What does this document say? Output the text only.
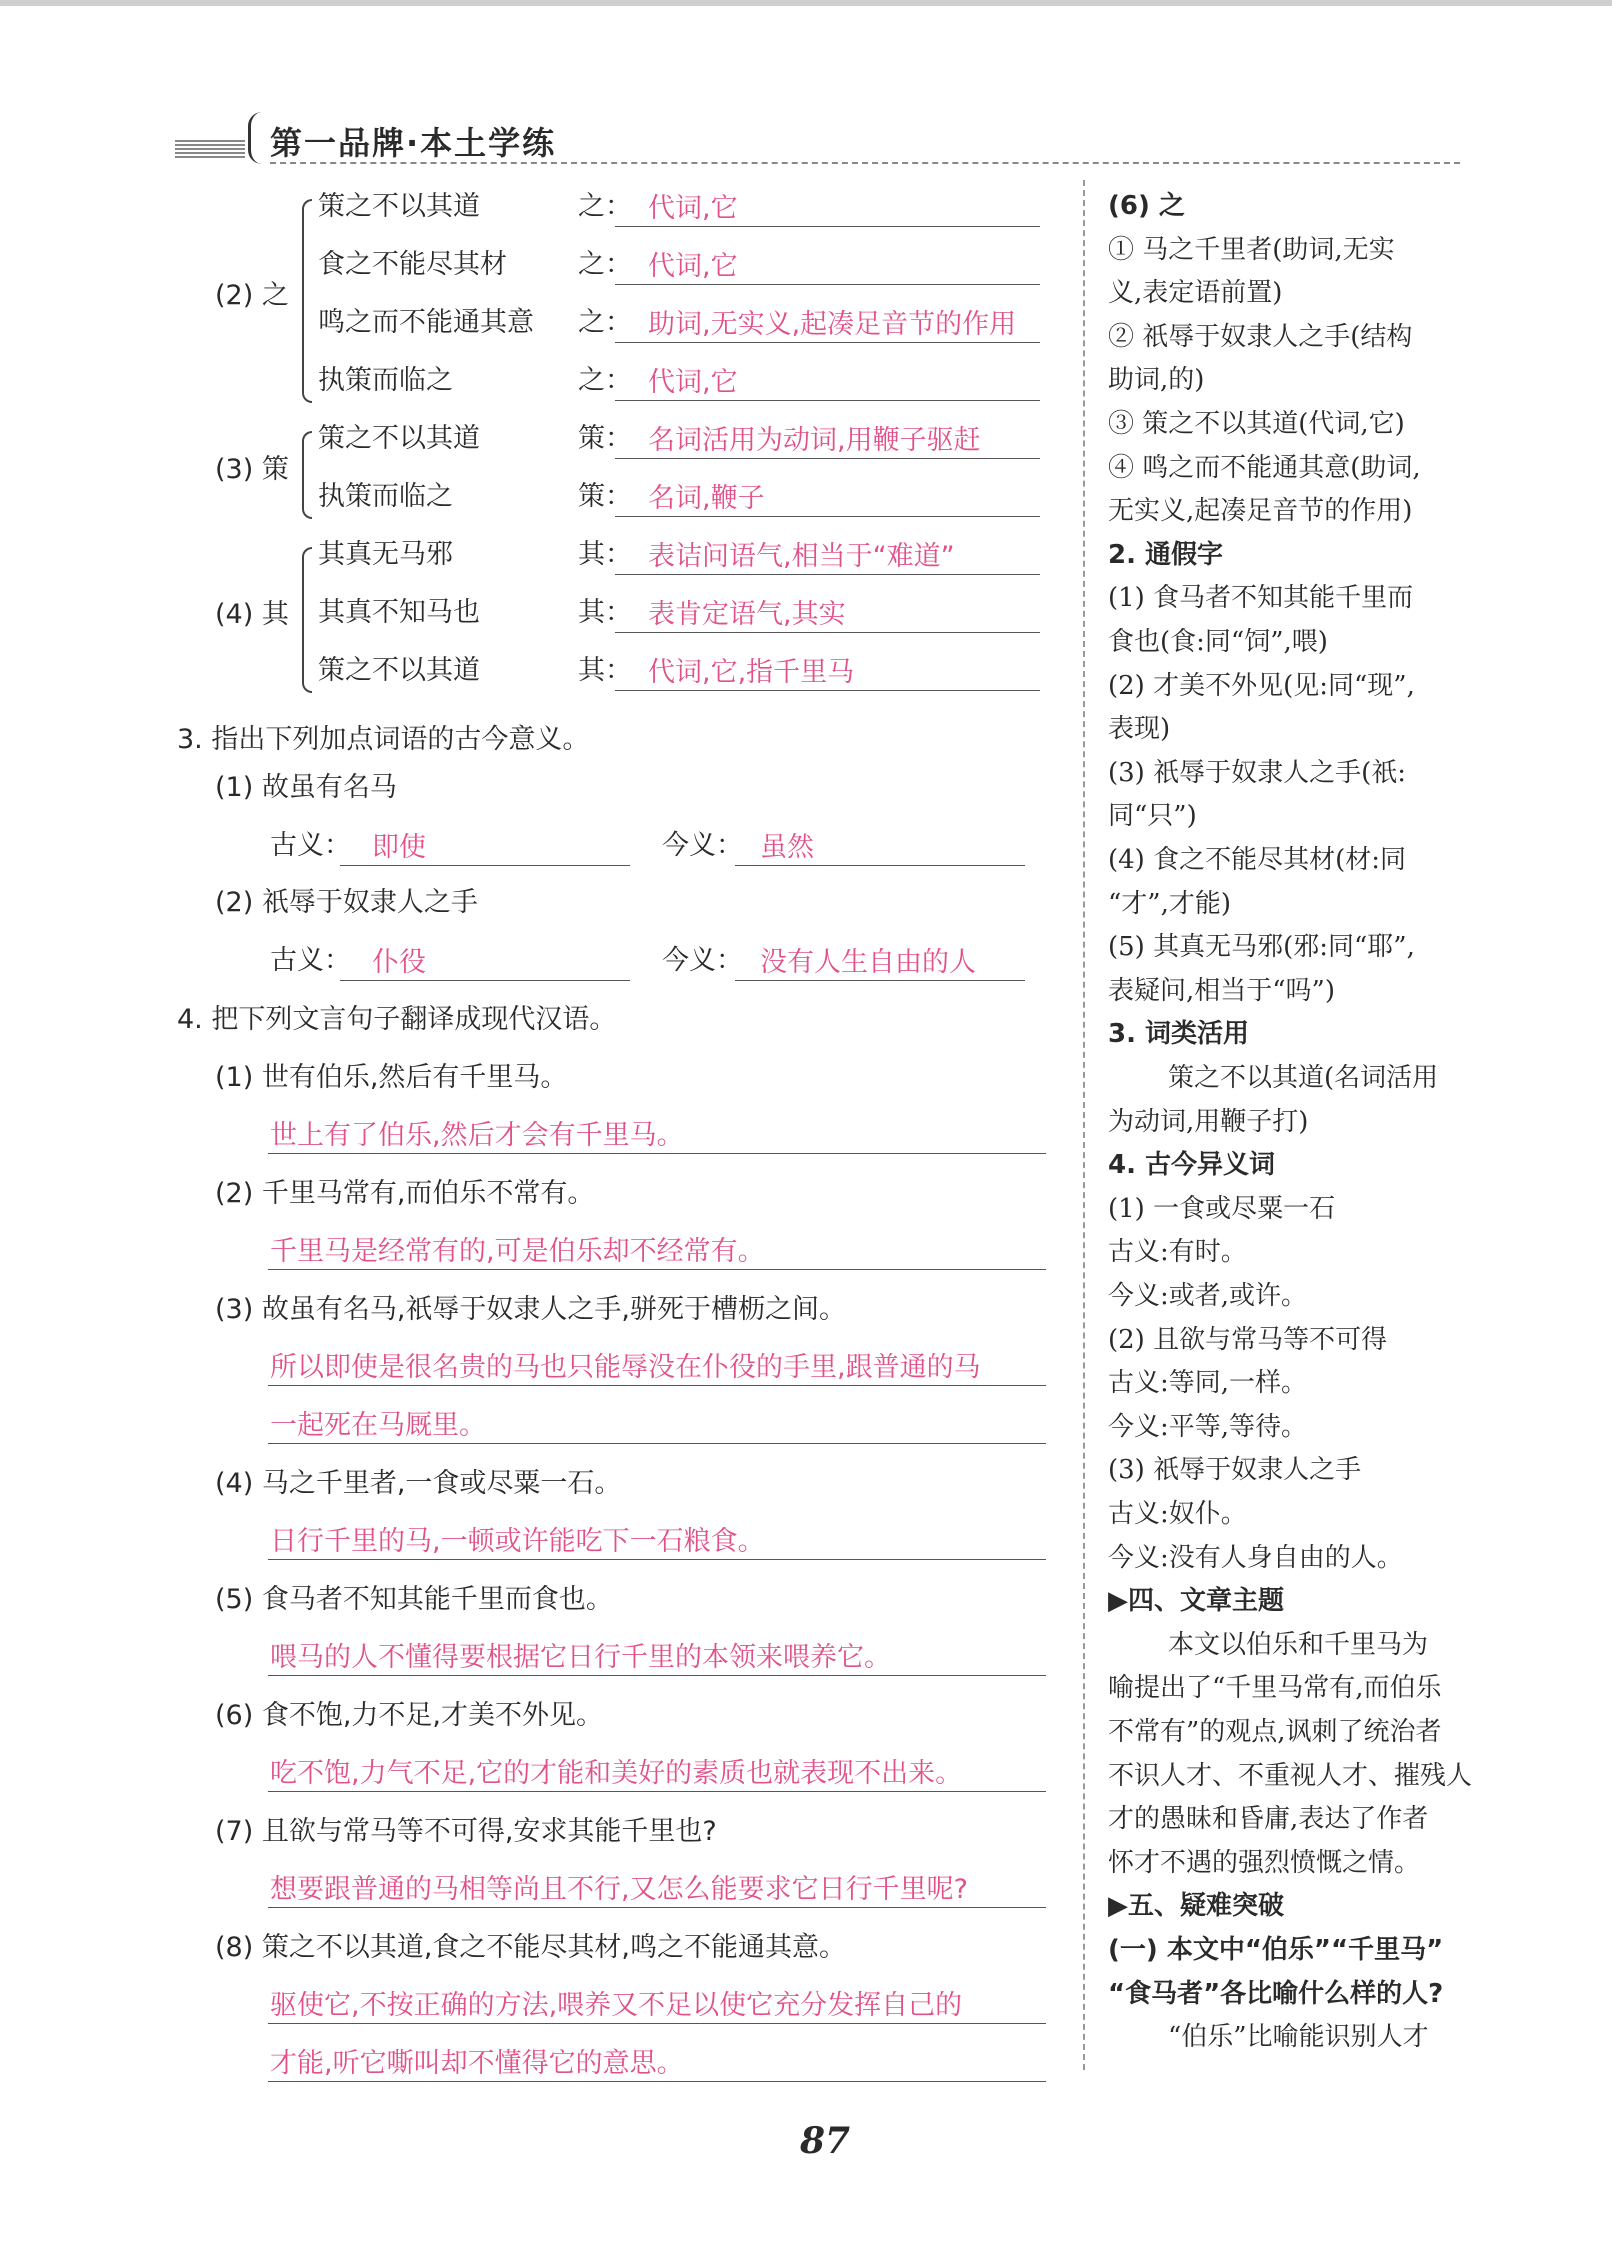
第一品牌·本土学练
(2) 之
策之不以其道	之： 代词,它
食之不能尽其材	之： 代词,它
鸣之而不能通其意 之： 助词,无实义,起凑足音节的作用
执策而临之	之： 代词,它
(3) 策
策之不以其道	策： 名词活用为动词,用鞭子驱赶
执策而临之	策： 名词,鞭子
(4) 其
其真无马邪	其： 表诘问语气,相当于“难道”
其真不知马也	其： 表肯定语气,其实
策之不以其道	其： 代词,它,指千里马
3. 指出下列加点词语的古今意义。
(1) 故虽有名马
古义： 即使	今义： 虽然
(2) 祇辱于奴隶人之手
古义： 仆役	今义： 没有人生自由的人
4. 把下列文言句子翻译成现代汉语。
(1) 世有伯乐,然后有千里马。
世上有了伯乐,然后才会有千里马。
(2) 千里马常有,而伯乐不常有。
千里马是经常有的,可是伯乐却不经常有。
(3) 故虽有名马,祇辱于奴隶人之手,骈死于槽枥之间。
所以即使是很名贵的马也只能辱没在仆役的手里,跟普通的马
一起死在马厩里。
(4) 马之千里者,一食或尽粟一石。
日行千里的马,一顿或许能吃下一石粮食。
(5) 食马者不知其能千里而食也。
喂马的人不懂得要根据它日行千里的本领来喂养它。
(6) 食不饱,力不足,才美不外见。
吃不饱,力气不足,它的才能和美好的素质也就表现不出来。
(7) 且欲与常马等不可得,安求其能千里也?
想要跟普通的马相等尚且不行,又怎么能要求它日行千里呢?
(8) 策之不以其道,食之不能尽其材,鸣之不能通其意。
驱使它,不按正确的方法,喂养又不足以使它充分发挥自己的
才能,听它嘶叫却不懂得它的意思。
(6) 之
① 马之千里者(助词,无实
义,表定语前置)
② 祇辱于奴隶人之手(结构
助词,的)
③ 策之不以其道(代词,它)
④ 鸣之而不能通其意(助词,
无实义,起凑足音节的作用)
2. 通假字
(1) 食马者不知其能千里而
食也(食:同“饲”,喂)
(2) 才美不外见(见:同“现”,
表现)
(3) 祇辱于奴隶人之手(祇:
同“只”)
(4) 食之不能尽其材(材:同
“才”,才能)
(5) 其真无马邪(邪:同“耶”,
表疑问,相当于“吗”)
3. 词类活用
策之不以其道(名词活用
为动词,用鞭子打)
4. 古今异义词
(1) 一食或尽粟一石
古义:有时。
今义:或者,或许。
(2) 且欲与常马等不可得
古义:等同,一样。
今义:平等,等待。
(3) 祇辱于奴隶人之手
古义:奴仆。
今义:没有人身自由的人。
▶四、文章主题
本文以伯乐和千里马为
喻提出了“千里马常有,而伯乐
不常有”的观点,讽刺了统治者
不识人才、不重视人才、摧残人
才的愚昧和昏庸,表达了作者
怀才不遇的强烈愤慨之情。
▶五、疑难突破
(一) 本文中“伯乐”“千里马”
“食马者”各比喻什么样的人?
“伯乐”比喻能识别人才
87
